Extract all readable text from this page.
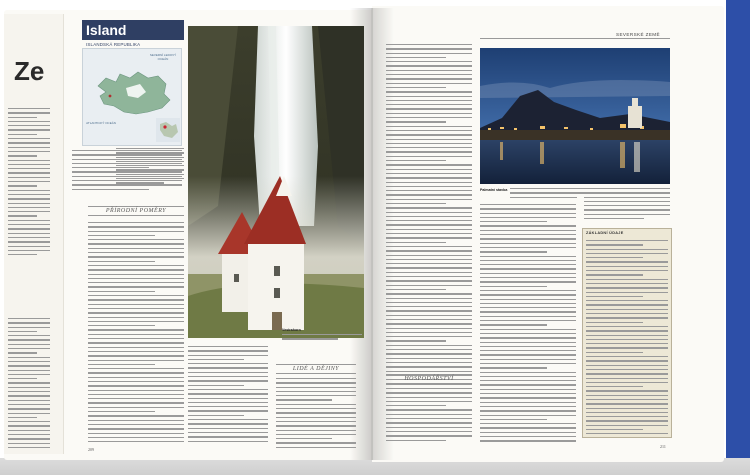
Ze
Island
ISLANDSKÁ REPUBLIKA
SEVERNÍ LEDOVÝ OCEÁN
ATLANTICKÝ OCEÁN
PŘÍRODNÍ POMĚRY
209
Vestrahorn
LIDÉ A DĚJINY
SEVERSKÉ ZEMĚ
HOSPODÁŘSTVÍ
Palmatní stavba
ZÁKLADNÍ ÚDAJE
211
